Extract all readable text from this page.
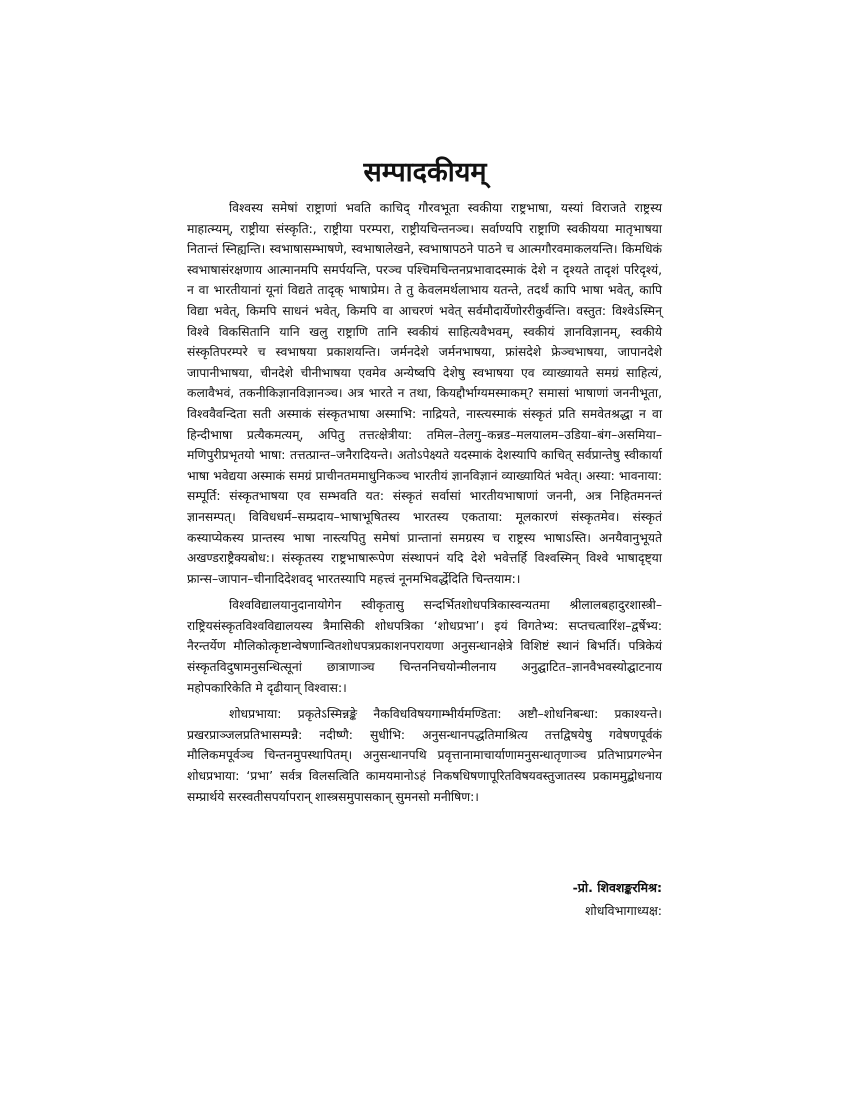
सम्पादकीयम्

विश्वस्य समेषां राष्ट्राणां भवति काचिद् गौरवभूता स्वकीया राष्ट्रभाषा, यस्यां विराजते राष्ट्रस्य माहात्म्यम्, राष्ट्रीया संस्कृति:, राष्ट्रीया परम्परा, राष्ट्रीयचिन्तनञ्च। सर्वाण्यपि राष्ट्राणि स्वकीयया मातृभाषया नितान्तं स्निह्यन्ति। स्वभाषासम्भाषणे, स्वभाषालेखने, स्वभाषापठने पाठने च आत्मगौरवमाकलयन्ति। किमधिकं स्वभाषासंरक्षणाय आत्मानमपि समर्पयन्ति, परञ्च पश्चिमचिन्तनप्रभावादस्माकं देशे न दृश्यते तादृशं परिदृश्यं, न वा भारतीयानां यूनां विद्यते तादृक् भाषाप्रेम। ते तु केवलमर्थलाभाय यतन्ते, तदर्थं कापि भाषा भवेत्, कापि विद्या भवेत्, किमपि साधनं भवेत्, किमपि वा आचरणं भवेत् सर्वमौदार्येणोररीकुर्वन्ति। वस्तुत: विश्वेऽस्मिन् विश्वे विकसितानि यानि खलु राष्ट्राणि तानि स्वकीयं साहित्यवैभवम्, स्वकीयं ज्ञानविज्ञानम्, स्वकीये संस्कृतिपरम्परे च स्वभाषया प्रकाशयन्ति। जर्मनदेशे जर्मनभाषया, फ्रांसदेशे फ्रेञ्चभाषया, जापानदेशे जापानीभाषया, चीनदेशे चीनीभाषया एवमेव अन्येष्वपि देशेषु स्वभाषया एव व्याख्यायते समग्रं साहित्यं, कलावैभवं, तकनीकिज्ञानविज्ञानञ्च। अत्र भारते न तथा, कियद्दौर्भाग्यमस्माकम्? समासां भाषाणां जननीभूता, विश्ववैवन्दिता सती अस्माकं संस्कृतभाषा अस्माभि: नाद्रियते, नास्त्यस्माकं संस्कृतं प्रति समवेतश्रद्धा न वा हिन्दीभाषा प्रत्यैकमत्यम्, अपितु तत्तत्क्षेत्रीया: तमिल–तेलगु–कन्नड–मलयालम–उडिया–बंग–असमिया–मणिपुरीप्रभृतयो भाषा: तत्तत्प्रान्त–जनैरादियन्ते। अतोऽपेक्ष्यते यदस्माकं देशस्यापि काचित् सर्वप्रान्तेषु स्वीकार्या भाषा भवेद्यया अस्माकं समग्रं प्राचीनतममाधुनिकञ्च भारतीयं ज्ञानविज्ञानं व्याख्यायितं भवेत्। अस्या: भावनाया: सम्पूर्ति: संस्कृतभाषया एव सम्भवति यत: संस्कृतं सर्वासां भारतीयभाषाणां जननी, अत्र निहितमनन्तं ज्ञानसम्पत्। विविधधर्म–सम्प्रदाय–भाषाभूषितस्य भारतस्य एकताया: मूलकारणं संस्कृतमेव। संस्कृतं कस्याप्येकस्य प्रान्तस्य भाषा नास्त्यपितु समेषां प्रान्तानां समग्रस्य च राष्ट्रस्य भाषाऽस्ति। अनयैवानुभूयते अखण्डराष्ट्रैक्यबोध:। संस्कृतस्य राष्ट्रभाषारूपेण संस्थापनं यदि देशे भवेत्तर्हि विश्वस्मिन् विश्वे भाषादृष्ट्या फ्रान्स–जापान–चीनादिदेशवद् भारतस्यापि महत्त्वं नूनमभिवर्द्धेदिति चिन्तयाम:।

विश्वविद्यालयानुदानायोगेन स्वीकृतासु सन्दर्भितशोधपत्रिकास्वन्यतमा श्रीलालबहादुरशास्त्री–राष्ट्रियसंस्कृतविश्वविद्यालयस्य त्रैमासिकी शोधपत्रिका ‘शोधप्रभा’। इयं विगतेभ्य: सप्तचत्वारिंश–द्वर्षेभ्य: नैरन्तर्येण मौलिकोत्कृष्टान्वेषणान्वितशोधपत्रप्रकाशनपरायणा अनुसन्धानक्षेत्रे विशिष्टं स्थानं बिभर्ति। पत्रिकेयं संस्कृतविदुषामनुसन्धित्सूनां छात्राणाञ्च चिन्तननिचयोन्मीलनाय अनुद्घाटित–ज्ञानवैभवस्योद्घाटनाय महोपकारिकेति मे दृढीयान् विश्वास:।

शोधप्रभाया: प्रकृतेऽस्मिन्नङ्के नैकविधविषयगाम्भीर्यमण्डिता: अष्टौ–शोधनिबन्धा: प्रकाश्यन्ते। प्रखरप्राञ्जलप्रतिभासम्पन्नै: नदीष्णै: सुधीभि: अनुसन्धानपद्धतिमाश्रित्य तत्तद्विषयेषु गवेषणपूर्वकं मौलिकमपूर्वञ्च चिन्तनमुपस्थापितम्। अनुसन्धानपथि प्रवृत्तानामाचार्याणामनुसन्धातृणाञ्च प्रतिभाप्रगल्भेन शोधप्रभाया: ‘प्रभा’ सर्वत्र विलसत्विति कामयमानोऽहं निकषधिषणापूरितविषयवस्तुजातस्य प्रकाममुद्बोधनाय सम्प्रार्थये सरस्वतीसपर्यापरान् शास्त्रसमुपासकान् सुमनसो मनीषिण:।

-प्रो. शिवशङ्करमिश्र:
शोधविभागाध्यक्ष:
